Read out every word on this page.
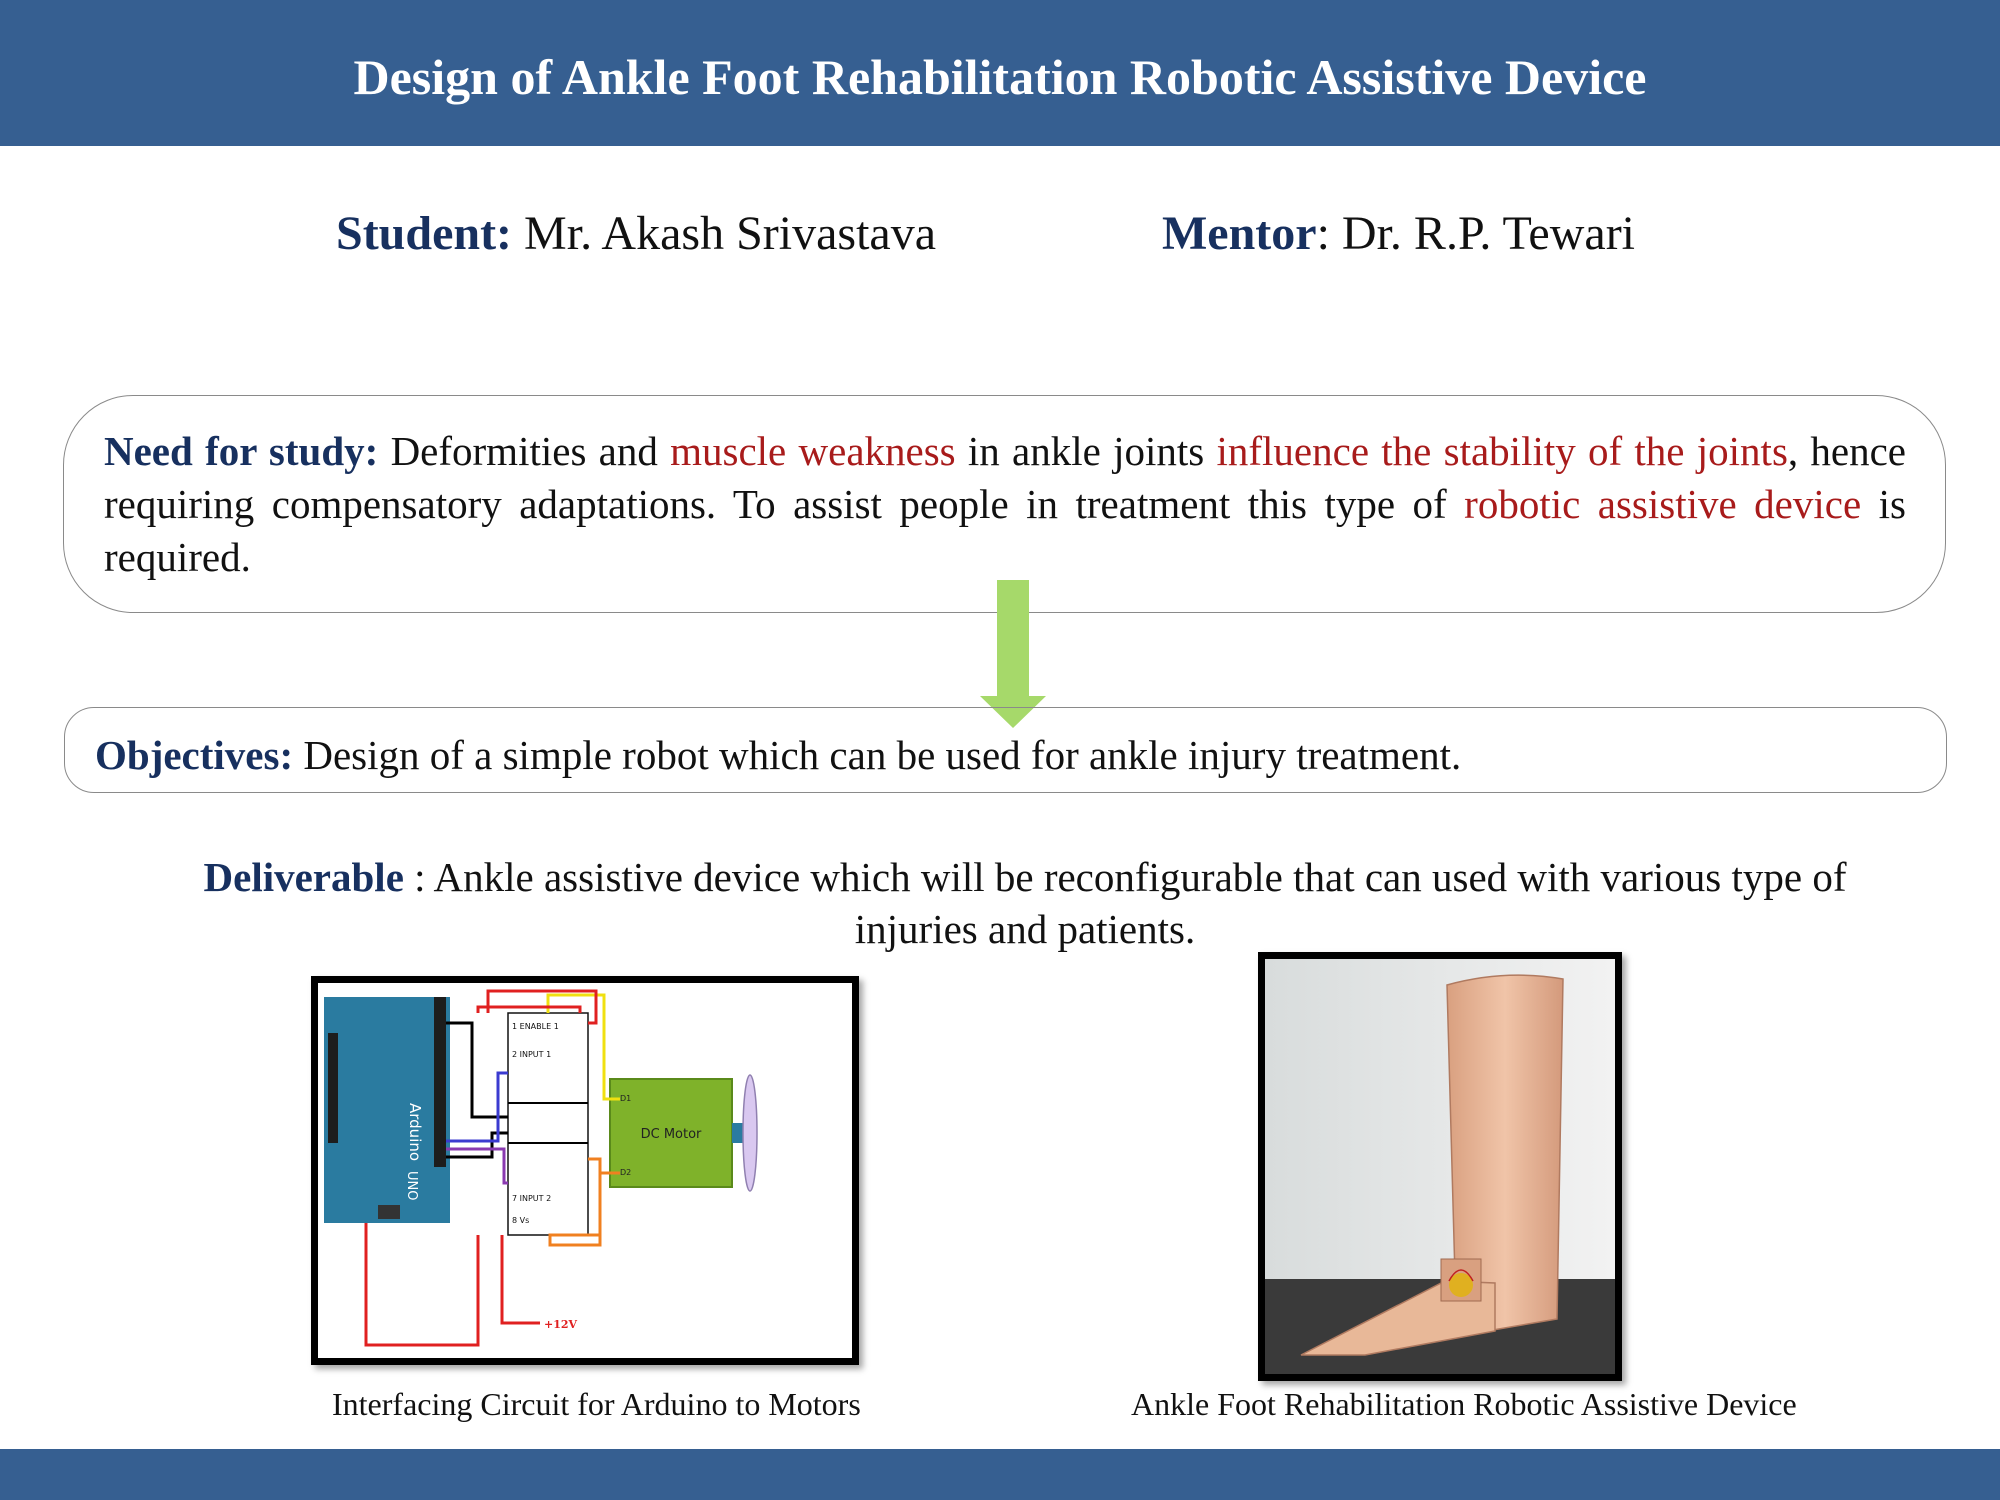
Design of Ankle Foot Rehabilitation Robotic Assistive Device
Student: Mr. Akash Srivastava	Mentor: Dr. R.P. Tewari
Need for study: Deformities and muscle weakness in ankle joints influence the stability of the joints, hence requiring compensatory adaptations. To assist people in treatment this type of robotic assistive device is required.
Objectives: Design of a simple robot which can be used for ankle injury treatment.
Deliverable : Ankle assistive device which will be reconfigurable that can used with various type of injuries and patients.
Arduino
UNO
1 ENABLE 1
2 INPUT 1
7 INPUT 2
8 Vs
DC Motor
D1
D2
+12V
Interfacing Circuit for Arduino to Motors	Ankle Foot Rehabilitation Robotic Assistive Device
